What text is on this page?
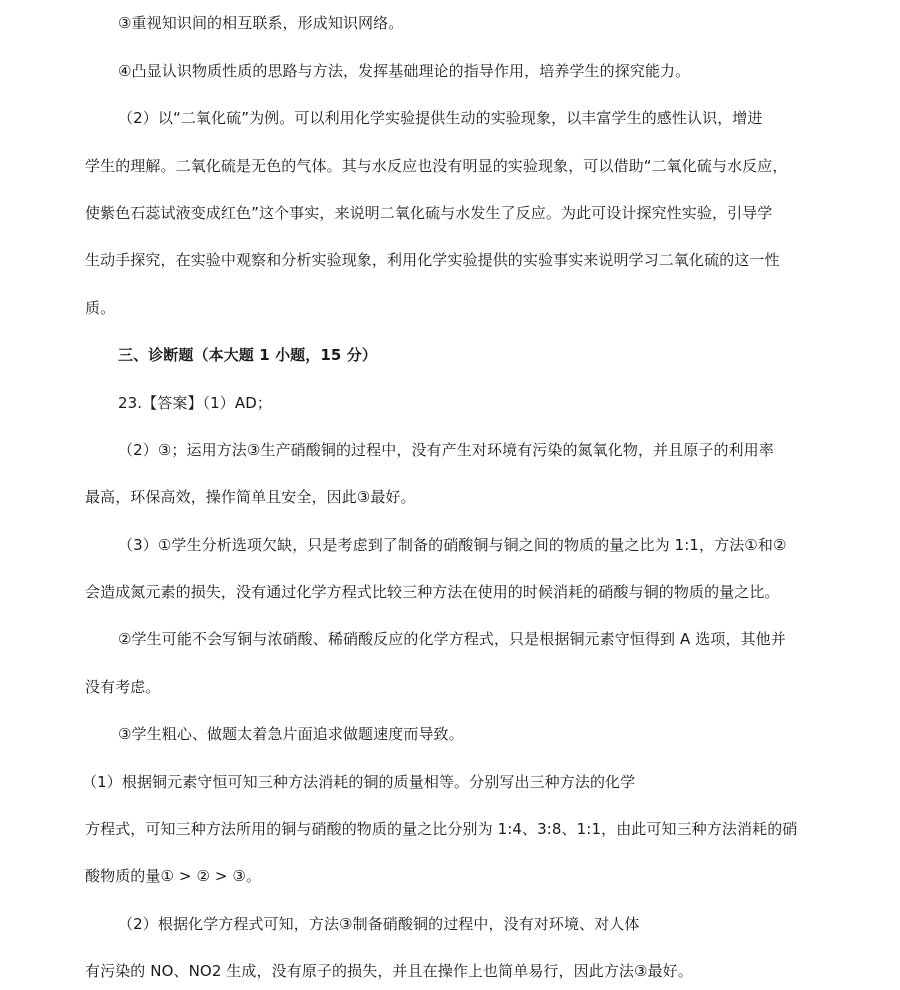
③重视知识间的相互联系，形成知识网络。

④凸显认识物质性质的思路与方法，发挥基础理论的指导作用，培养学生的探究能力。

（2）以“二氧化硫”为例。可以利用化学实验提供生动的实验现象，以丰富学生的感性认识，增进

学生的理解。二氧化硫是无色的气体。其与水反应也没有明显的实验现象，可以借助“二氧化硫与水反应，

使紫色石蕊试液变成红色”这个事实，来说明二氧化硫与水发生了反应。为此可设计探究性实验，引导学

生动手探究，在实验中观察和分析实验现象，利用化学实验提供的实验事实来说明学习二氧化硫的这一性

质。

三、诊断题（本大题 1 小题，15 分）

23.【答案】（1）AD；

（2）③；运用方法③生产硝酸铜的过程中，没有产生对环境有污染的氮氧化物，并且原子的利用率

最高，环保高效，操作简单且安全，因此③最好。

（3）①学生分析选项欠缺，只是考虑到了制备的硝酸铜与铜之间的物质的量之比为 1:1，方法①和②

会造成氮元素的损失，没有通过化学方程式比较三种方法在使用的时候消耗的硝酸与铜的物质的量之比。

②学生可能不会写铜与浓硝酸、稀硝酸反应的化学方程式，只是根据铜元素守恒得到 A 选项，其他并

没有考虑。

③学生粗心、做题太着急片面追求做题速度而导致。

（1）根据铜元素守恒可知三种方法消耗的铜的质量相等。分别写出三种方法的化学

方程式，可知三种方法所用的铜与硝酸的物质的量之比分别为 1:4、3:8、1:1，由此可知三种方法消耗的硝

酸物质的量① > ② > ③。

（2）根据化学方程式可知，方法③制备硝酸铜的过程中，没有对环境、对人体

有污染的 NO、NO2 生成，没有原子的损失，并且在操作上也简单易行，因此方法③最好。
